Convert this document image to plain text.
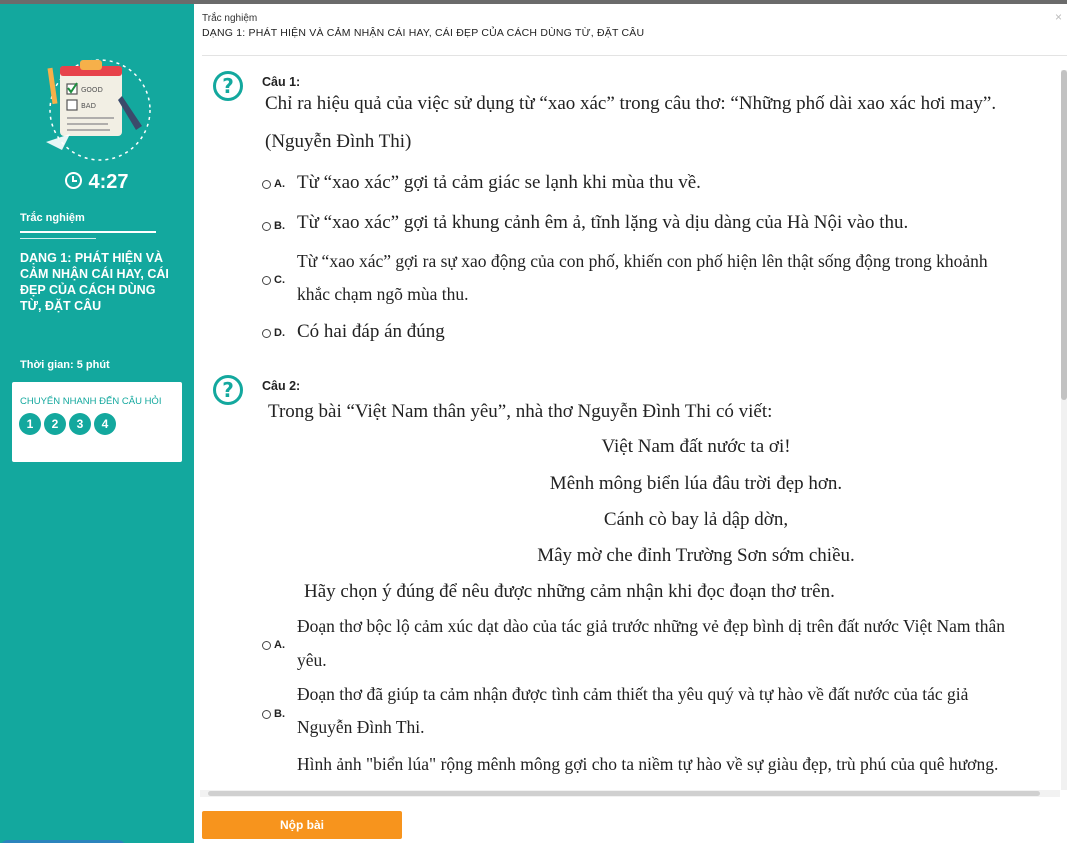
GOOD
BAD
4:27
Trắc nghiệm
DẠNG 1: PHÁT HIỆN VÀ CẢM NHẬN CÁI HAY, CÁI ĐẸP CỦA CÁCH DÙNG TỪ, ĐẶT CÂU
Thời gian: 5 phút
CHUYỂN NHANH ĐẾN CÂU HỎI
1	2	3	4
Trắc nghiệm
DẠNG 1: PHÁT HIỆN VÀ CẢM NHẬN CÁI HAY, CÁI ĐẸP CỦA CÁCH DÙNG TỪ, ĐẶT CÂU
×
?	Câu 1:
Chỉ ra hiệu quả của việc sử dụng từ “xao xác” trong câu thơ: “Những phố dài xao xác hơi may”.
(Nguyễn Đình Thi)
A. Từ “xao xác” gợi tả cảm giác se lạnh khi mùa thu về.
B. Từ “xao xác” gợi tả khung cảnh êm ả, tĩnh lặng và dịu dàng của Hà Nội vào thu.
C.
Từ “xao xác” gợi ra sự xao động của con phố, khiến con phố hiện lên thật sống động trong khoảnh
khắc chạm ngõ mùa thu.
D. Có hai đáp án đúng
?	Câu 2:
Trong bài “Việt Nam thân yêu”, nhà thơ Nguyễn Đình Thi có viết:
Việt Nam đất nước ta ơi!
Mênh mông biển lúa đâu trời đẹp hơn.
Cánh cò bay lả dập dờn,
Mây mờ che đỉnh Trường Sơn sớm chiều.
Hãy chọn ý đúng để nêu được những cảm nhận khi đọc đoạn thơ trên.
A.
Đoạn thơ bộc lộ cảm xúc dạt dào của tác giả trước những vẻ đẹp bình dị trên đất nước Việt Nam thân
yêu.
B.
Đoạn thơ đã giúp ta cảm nhận được tình cảm thiết tha yêu quý và tự hào về đất nước của tác giả
Nguyễn Đình Thi.
Hình ảnh "biển lúa" rộng mênh mông gợi cho ta niềm tự hào về sự giàu đẹp, trù phú của quê hương.
Nộp bài
